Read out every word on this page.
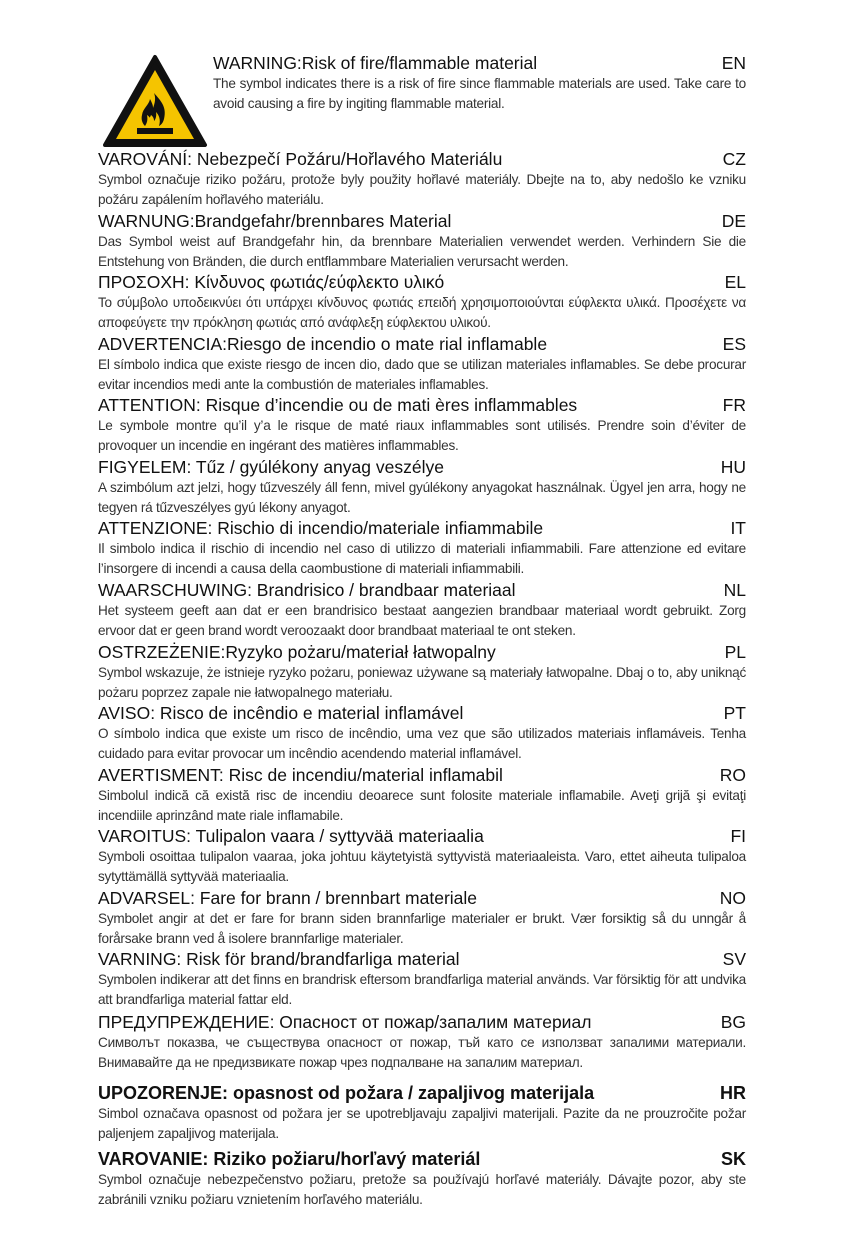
WARNING:Risk of fire/flammable material	EN
The symbol indicates there is a risk of fire since flammable materials are used. Take care to avoid causing a fire by ingiting flammable material.
VAROVÁNÍ: Nebezpečí Požáru/Hořlavého Materiálu	CZ
Symbol označuje riziko požáru, protože byly použity hořlavé materiály. Dbejte na to, aby nedošlo ke vzniku požáru zapálením hořlavého materiálu.
WARNUNG:Brandgefahr/brennbares Material	DE
Das Symbol weist auf Brandgefahr hin, da brennbare Materialien verwendet werden. Verhindern Sie die Entstehung von Bränden, die durch entflammbare Materialien verursacht werden.
ΠΡΟΣΟΧΗ: Κίνδυνος φωτιάς/εύφλεκτο υλικό	EL
Το σύμβολο υποδεικνύει ότι υπάρχει κίνδυνος φωτιάς επειδή χρησιμοποιούνται εύφλεκτα υλικά. Προσέχετε να αποφεύγετε την πρόκληση φωτιάς από ανάφλεξη εύφλεκτου υλικού.
ADVERTENCIA:Riesgo de incendio o mate rial inflamable	ES
El símbolo indica que existe riesgo de incen dio, dado que se utilizan materiales inflamables. Se debe procurar evitar incendios medi ante la combustión de materiales inflamables.
ATTENTION: Risque d’incendie ou de mati ères inflammables	FR
Le symbole montre qu’il y’a le risque de maté riaux inflammables sont utilisés. Prendre soin d’éviter de provoquer un incendie en ingérant des matières inflammables.
FIGYELEM: Tűz / gyúlékony anyag veszélye	HU
A szimbólum azt jelzi, hogy tűzveszély áll fenn, mivel gyúlékony anyagokat használnak. Ügyel jen arra, hogy ne tegyen rá tűzveszélyes gyú lékony anyagot.
ATTENZIONE: Rischio di incendio/materiale infiammabile	IT
Il simbolo indica il rischio di incendio nel caso di utilizzo di materiali infiammabili. Fare attenzione ed evitare l’insorgere di incendi a causa della caombustione di materiali infiammabili.
WAARSCHUWING: Brandrisico / brandbaar materiaal	NL
Het systeem geeft aan dat er een brandrisico bestaat aangezien brandbaar materiaal wordt gebruikt. Zorg ervoor dat er geen brand wordt veroozaakt door brandbaat materiaal te ont steken.
OSTRZEŻENIE:Ryzyko pożaru/materiał łatwopalny	PL
Symbol wskazuje, że istnieje ryzyko pożaru, poniewaz używane są materiały łatwopalne. Dbaj o to, aby uniknąć pożaru poprzez zapale nie łatwopalnego materiału.
AVISO: Risco de incêndio e material inflamável	PT
O símbolo indica que existe um risco de incêndio, uma vez que são utilizados materiais inflamáveis. Tenha cuidado para evitar provocar um incêndio acendendo material inflamável.
AVERTISMENT: Risc de incendiu/material inflamabil	RO
Simbolul indică că există risc de incendiu deoarece sunt folosite materiale inflamabile. Aveţi grijă şi evitaţi incendiile aprinzând mate riale inflamabile.
VAROITUS: Tulipalon vaara / syttyvää materiaalia	FI
Symboli osoittaa tulipalon vaaraa, joka johtuu käytetyistä syttyvistä materiaaleista. Varo, ettet aiheuta tulipaloa sytyttämällä syttyvää materiaalia.
ADVARSEL: Fare for brann / brennbart materiale	NO
Symbolet angir at det er fare for brann siden brannfarlige materialer er brukt. Vær forsiktig så du unngår å forårsake brann ved å isolere brannfarlige materialer.
VARNING: Risk för brand/brandfarliga material	SV
Symbolen indikerar att det finns en brandrisk eftersom brandfarliga material används. Var försiktig för att undvika att brandfarliga material fattar eld.
ПРЕДУПРЕЖДЕНИЕ: Опасност от пожар/запалим материал	BG
Символът показва, че съществува опасност от пожар, тъй като се използват запалими материали. Внимавайте да не предизвикате пожар чрез подпалване на запалим материал.
UPOZORENJE: opasnost od požara / zapaljivog materijala	HR
Simbol označava opasnost od požara jer se upotrebljavaju zapaljivi materijali. Pazite da ne prouzročite požar paljenjem zapaljivog materijala.
VAROVANIE: Riziko požiaru/horľavý materiál	SK
Symbol označuje nebezpečenstvo požiaru, pretože sa používajú horľavé materiály. Dávajte pozor, aby ste zabránili vzniku požiaru vznietením horľavého materiálu.
